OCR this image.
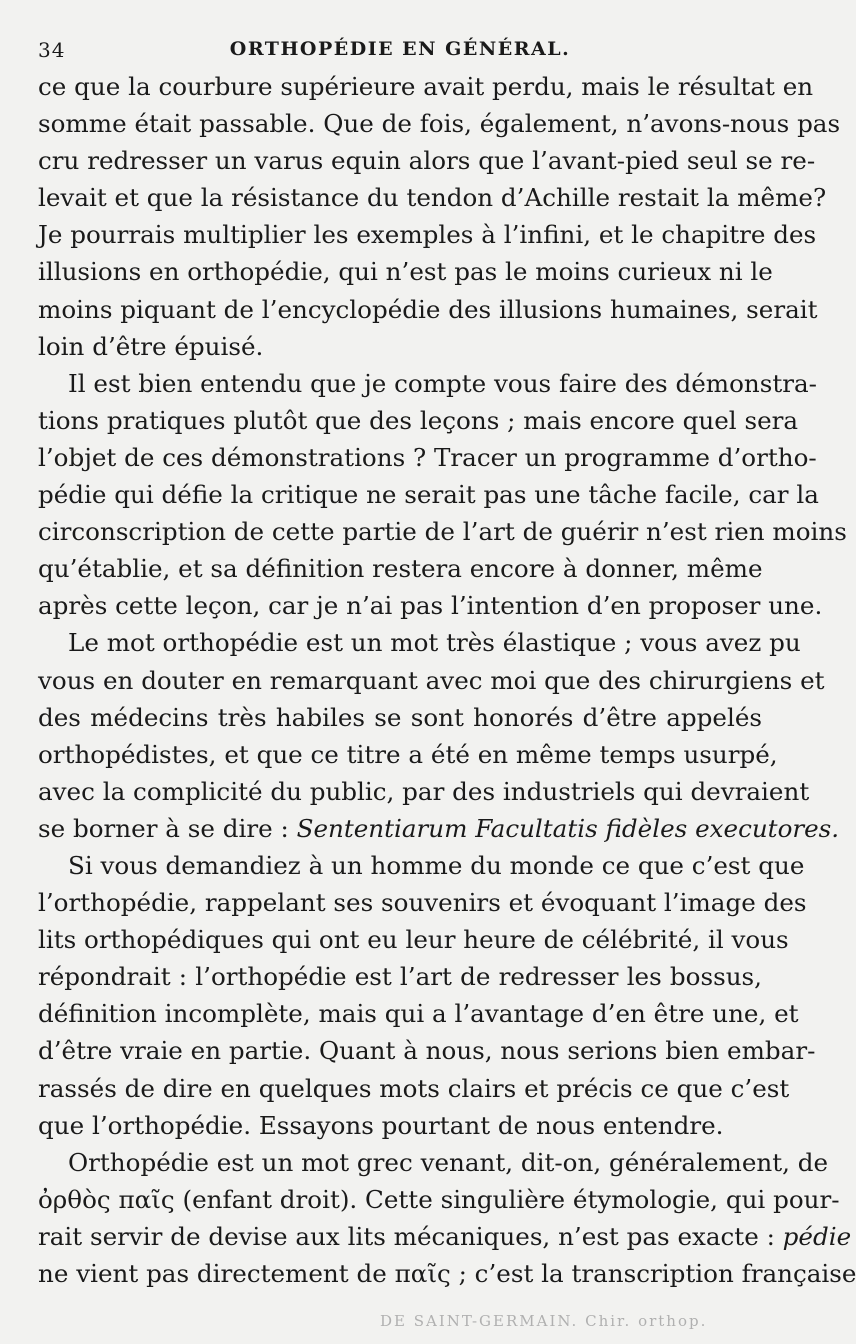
34	ORTHOPÉDIE EN GÉNÉRAL.
ce que la courbure supérieure avait perdu, mais le résultat en
somme était passable. Que de fois, également, n’avons-nous pas
cru redresser un varus equin alors que l’avant-pied seul se re-
levait et que la résistance du tendon d’Achille restait la même?
Je pourrais multiplier les exemples à l’infini, et le chapitre des
illusions en orthopédie, qui n’est pas le moins curieux ni le
moins piquant de l’encyclopédie des illusions humaines, serait
loin d’être épuisé.
Il est bien entendu que je compte vous faire des démonstra-
tions pratiques plutôt que des leçons ; mais encore quel sera
l’objet de ces démonstrations ? Tracer un programme d’ortho-
pédie qui défie la critique ne serait pas une tâche facile, car la
circonscription de cette partie de l’art de guérir n’est rien moins
qu’établie, et sa définition restera encore à donner, même
après cette leçon, car je n’ai pas l’intention d’en proposer une.
Le mot orthopédie est un mot très élastique ; vous avez pu
vous en douter en remarquant avec moi que des chirurgiens et
des médecins très habiles se sont honorés d’être appelés
orthopédistes, et que ce titre a été en même temps usurpé,
avec la complicité du public, par des industriels qui devraient
se borner à se dire : Sententiarum Facultatis fidèles executores.
Si vous demandiez à un homme du monde ce que c’est que
l’orthopédie, rappelant ses souvenirs et évoquant l’image des
lits orthopédiques qui ont eu leur heure de célébrité, il vous
répondrait : l’orthopédie est l’art de redresser les bossus,
définition incomplète, mais qui a l’avantage d’en être une, et
d’être vraie en partie. Quant à nous, nous serions bien embar-
rassés de dire en quelques mots clairs et précis ce que c’est
que l’orthopédie. Essayons pourtant de nous entendre.
Orthopédie est un mot grec venant, dit-on, généralement, de
ὀρθὸς παῖς (enfant droit). Cette singulière étymologie, qui pour-
rait servir de devise aux lits mécaniques, n’est pas exacte : pédie
ne vient pas directement de παῖς ; c’est la transcription française
DE SAINT-GERMAIN. Chir. orthop.
